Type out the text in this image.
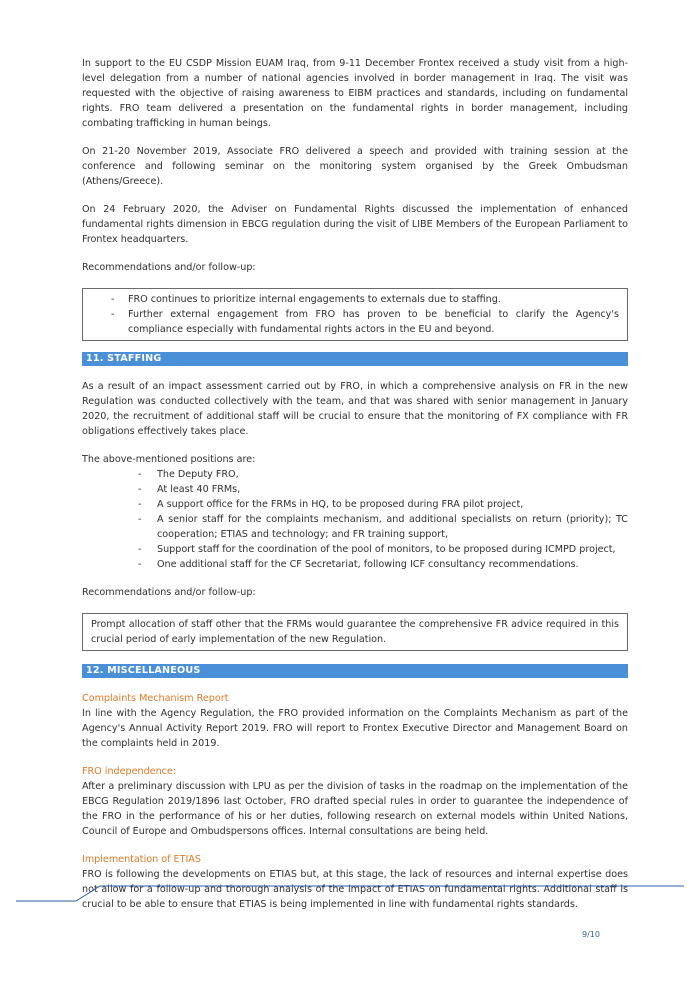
In support to the EU CSDP Mission EUAM Iraq, from 9-11 December Frontex received a study visit from a high-level delegation from a number of national agencies involved in border management in Iraq. The visit was requested with the objective of raising awareness to EIBM practices and standards, including on fundamental rights. FRO team delivered a presentation on the fundamental rights in border management, including combating trafficking in human beings.

On 21-20 November 2019, Associate FRO delivered a speech and provided with training session at the conference and following seminar on the monitoring system organised by the Greek Ombudsman (Athens/Greece).

On 24 February 2020, the Adviser on Fundamental Rights discussed the implementation of enhanced fundamental rights dimension in EBCG regulation during the visit of LIBE Members of the European Parliament to Frontex headquarters.

Recommendations and/or follow-up:

- FRO continues to prioritize internal engagements to externals due to staffing.
- Further external engagement from FRO has proven to be beneficial to clarify the Agency's compliance especially with fundamental rights actors in the EU and beyond.
11. STAFFING

As a result of an impact assessment carried out by FRO, in which a comprehensive analysis on FR in the new Regulation was conducted collectively with the team, and that was shared with senior management in January 2020, the recruitment of additional staff will be crucial to ensure that the monitoring of FX compliance with FR obligations effectively takes place.

The above-mentioned positions are:

- The Deputy FRO,
- At least 40 FRMs,
- A support office for the FRMs in HQ, to be proposed during FRA pilot project,
- A senior staff for the complaints mechanism, and additional specialists on return (priority); TC cooperation; ETIAS and technology; and FR training support,
- Support staff for the coordination of the pool of monitors, to be proposed during ICMPD project,
- One additional staff for the CF Secretariat, following ICF consultancy recommendations.

Recommendations and/or follow-up:

Prompt allocation of staff other that the FRMs would guarantee the comprehensive FR advice required in this crucial period of early implementation of the new Regulation.

12. MISCELLANEOUS

Complaints Mechanism Report

In line with the Agency Regulation, the FRO provided information on the Complaints Mechanism as part of the Agency's Annual Activity Report 2019. FRO will report to Frontex Executive Director and Management Board on the complaints held in 2019.

FRO independence:

After a preliminary discussion with LPU as per the division of tasks in the roadmap on the implementation of the EBCG Regulation 2019/1896 last October, FRO drafted special rules in order to guarantee the independence of the FRO in the performance of his or her duties, following research on external models within United Nations, Council of Europe and Ombudspersons offices. Internal consultations are being held.

Implementation of ETIAS

FRO is following the developments on ETIAS but, at this stage, the lack of resources and internal expertise does not allow for a follow-up and thorough analysis of the impact of ETIAS on fundamental rights. Additional staff is crucial to be able to ensure that ETIAS is being implemented in line with fundamental rights standards.

9/10
